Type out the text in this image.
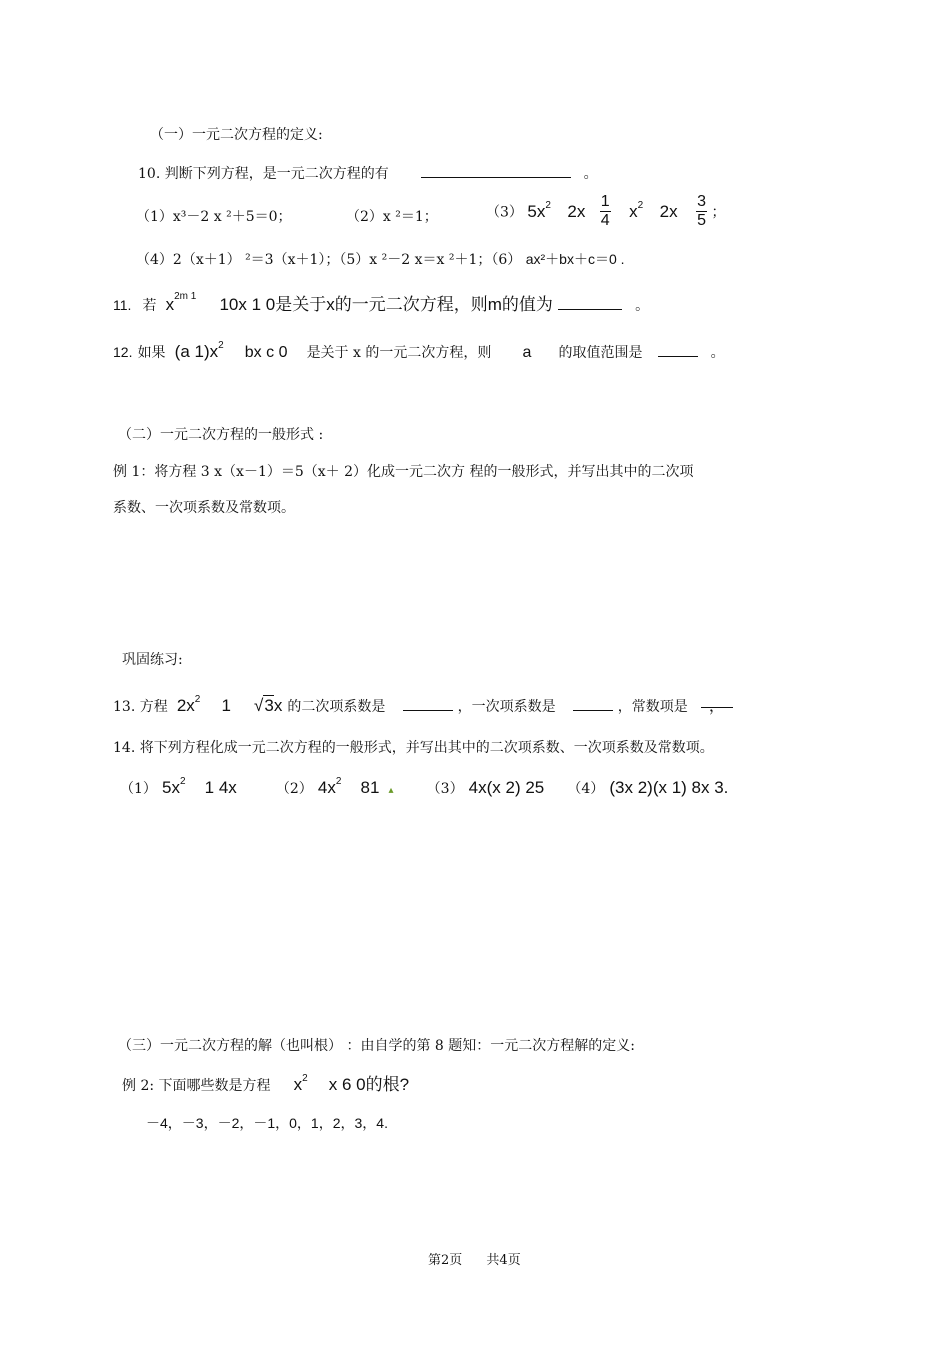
（一）一元二次方程的定义:
10. 判断下列方程，是一元二次方程的有	。
（1）x³－2 x ²＋5＝0；	（2）x ²＝1；	（3） $5x^2$ $2x \frac{1}{4} x^2$ $2x \frac{3}{5}$ ；
（4）2（x＋1） ²＝3（x＋1）；（5）x ²－2 x＝x ²＋1；（6） ax²＋bx＋c＝0 .
11. 若 $x^{2m 1}$ 10x 1 0是关于x的一元二次方程，则m的值为	。
12. 如果 (a $1)x^2$ bx c 0 是关于 x 的一元二次方程，则 a 的取值范围是	。
（二）一元二次方程的一般形式 :
例 1：将方程 3 x（x－1）＝5（x＋ 2）化成一元二次方 程的一般形式，并写出其中的二次项
系数、一次项系数及常数项。
巩固练习:
13. 方程 $2x^2$ 1 √3x 的二次项系数是	，一次项系数是	，常数项是 ，
14. 将下列方程化成一元二次方程的一般形式，并写出其中的二次项系数、一次项系数及常数项。
（1） $5x^2$ 1 4x	（2） $4x^2$ 81 ▴ （3） 4x(x 2) 25 （4） (3x 2)(x 1) 8x 3.
（三）一元二次方程的解（也叫根） ：由自学的第 8 题知：一元二次方程解的定义:
例 2: 下面哪些数是方程 $x^2$ x 6 0的根?
－4，－3，－2，－1，0，1，2，3，4.
第2页 共4页
